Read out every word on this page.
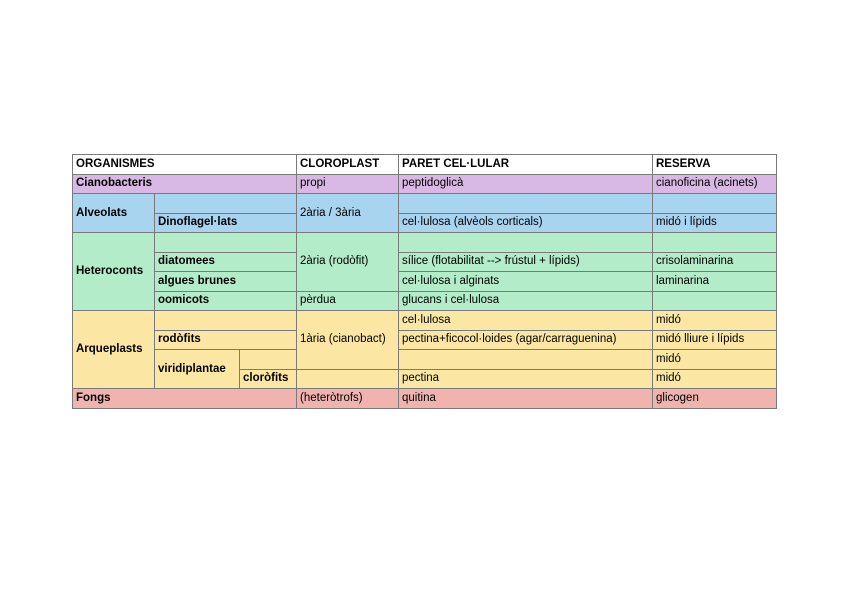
ORGANISMES			CLOROPLAST	PARET CEL·LULAR	RESERVA
Cianobacteris			propi	peptidoglicà	cianoficina (acinets)
Alveolats			2ària / 3ària		
	Dinoflagel·lats			cel·lulosa (alvèols corticals)	midó i lípids
Heteroconts			2ària (rodòfit)		
	diatomees			sílice (flotabilitat --> frústul + lípids)	crisolaminarina
	algues brunes			cel·lulosa i alginats	laminarina
	oomicots		pèrdua	glucans i cel·lulosa	
Arqueplasts			1ària (cianobact)	cel·lulosa	midó
	rodòfits			pectina+ficocol·loides (agar/carraguenina)	midó lliure i lípids
	viridiplantae				midó
		cloròfits		pectina	midó
Fongs			(heteròtrofs)	quitina	glicogen
